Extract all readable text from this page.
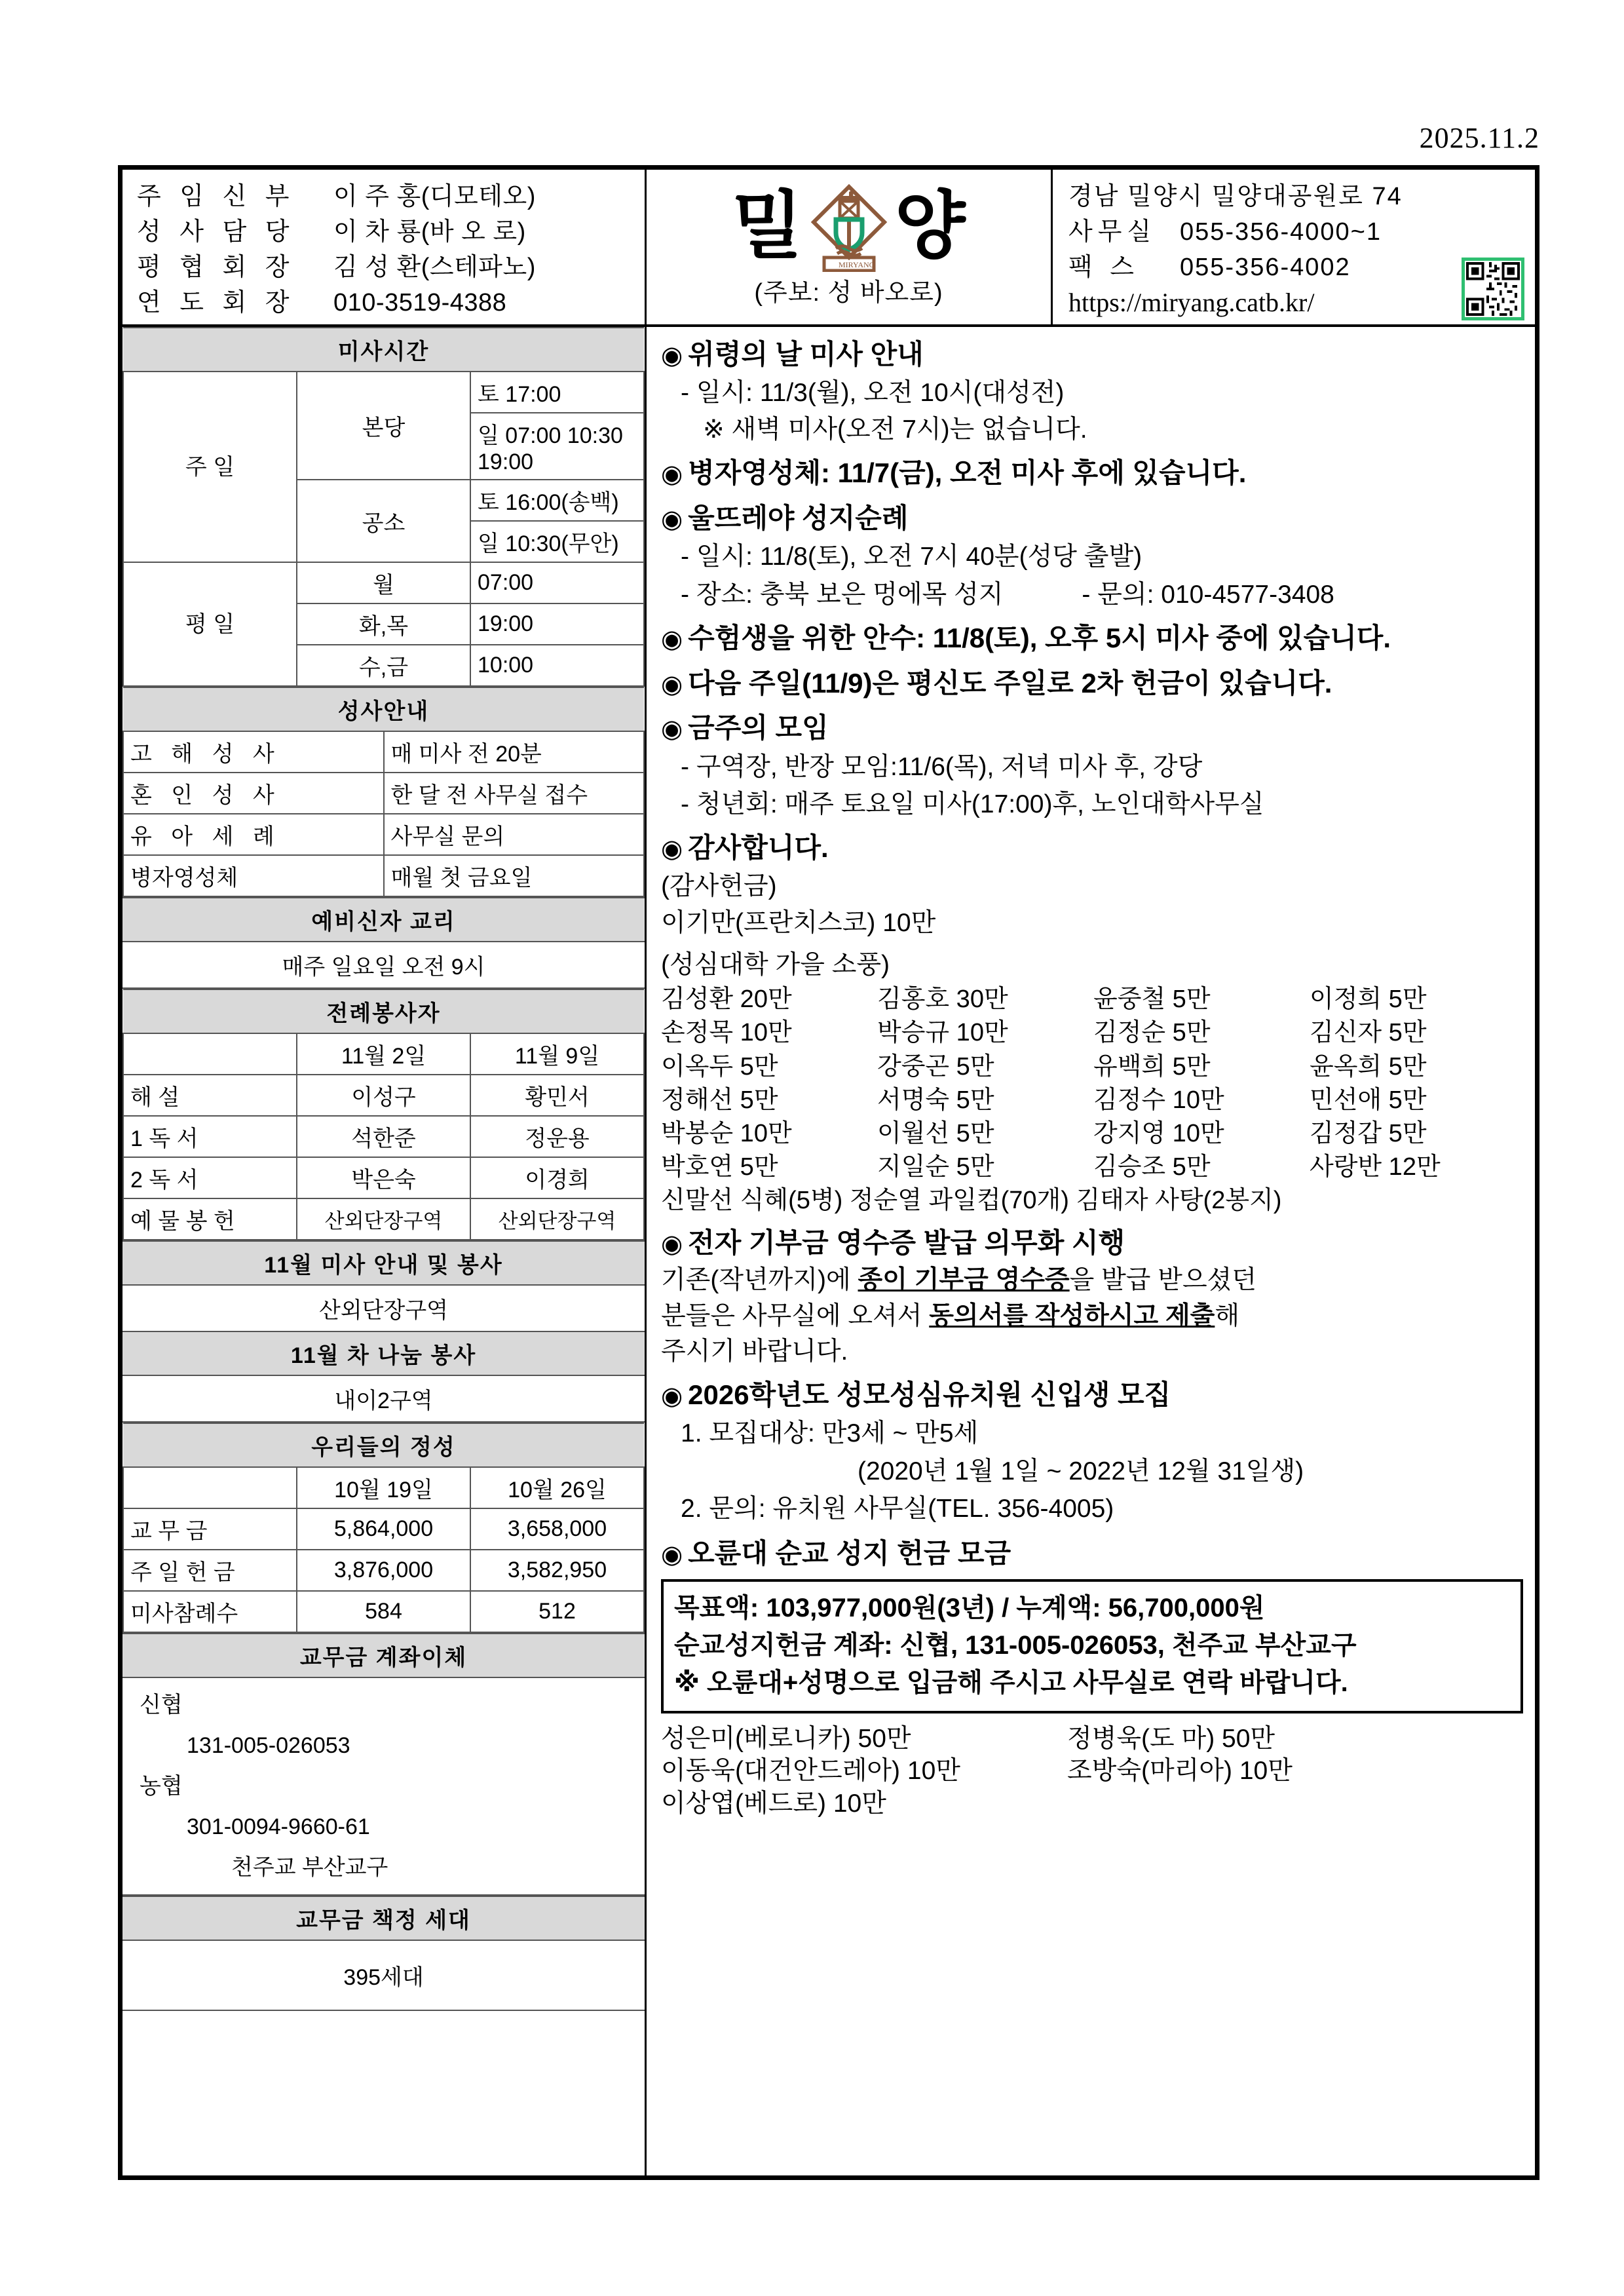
2025.11.2
주 임 신 부 이 주 홍(디모테오)
성 사 담 당 이 차 룡(바 오 로)
평 협 회 장 김 성 환(스테파노)
연 도 회 장 010-3519-4388
밀	MIRYANG 양
(주보: 성 바오로)
경남 밀양시 밀양대공원로 74
사무실 055-356-4000~1
팩 스 055-356-4002
https://miryang.catb.kr/
미사시간		
주 일	본당	토 17:00
		일 07:00 10:30 19:00
	공소	토 16:00(송백)
		일 10:30(무안)
평 일	월	07:00
	화,목	19:00
	수,금	10:00
성사안내	
고 해 성 사	매 미사 전 20분
혼 인 성 사	한 달 전 사무실 접수
유 아 세 례	사무실 문의
병자영성체	매월 첫 금요일
예비신자 교리
매주 일요일 오전 9시
전례봉사자		
	11월 2일	11월 9일
해 설	이성구	황민서
1 독 서	석한준	정운용
2 독 서	박은숙	이경희
예 물 봉 헌	산외단장구역	산외단장구역
11월 미사 안내 및 봉사
산외단장구역
11월 차 나눔 봉사
내이2구역
우리들의 정성		
	10월 19일	10월 26일
교 무 금	5,864,000	3,658,000
주 일 헌 금	3,876,000	3,582,950
미사참례수	584	512
교무금 계좌이체
신협
131-005-026053
농협
301-0094-9660-61
천주교 부산교구
교무금 책정 세대
395세대
◉ 위령의 날 미사 안내
- 일시: 11/3(월), 오전 10시(대성전)
※ 새벽 미사(오전 7시)는 없습니다.
◉ 병자영성체: 11/7(금), 오전 미사 후에 있습니다.
◉ 울뜨레야 성지순례
- 일시: 11/8(토), 오전 7시 40분(성당 출발)
- 장소: 충북 보은 멍에목 성지	- 문의: 010-4577-3408
◉ 수험생을 위한 안수: 11/8(토), 오후 5시 미사 중에 있습니다.
◉ 다음 주일(11/9)은 평신도 주일로 2차 헌금이 있습니다.
◉ 금주의 모임
- 구역장, 반장 모임:11/6(목), 저녁 미사 후, 강당
- 청년회: 매주 토요일 미사(17:00)후, 노인대학사무실
◉ 감사합니다.
(감사헌금)
이기만(프란치스코) 10만
(성심대학 가을 소풍)
김성환 20만	김홍호 30만	윤중철 5만	이정희 5만
손정목 10만	박승규 10만	김정순 5만	김신자 5만
이옥두 5만	강중곤 5만	유백희 5만	윤옥희 5만
정해선 5만	서명숙 5만	김정수 10만	민선애 5만
박봉순 10만	이월선 5만	강지영 10만	김정갑 5만
박호연 5만	지일순 5만	김승조 5만	사랑반 12만
신말선 식혜(5병) 정순열 과일컵(70개) 김태자 사탕(2봉지)
◉ 전자 기부금 영수증 발급 의무화 시행
기존(작년까지)에 종이 기부금 영수증을 발급 받으셨던
분들은 사무실에 오셔서 동의서를 작성하시고 제출해
주시기 바랍니다.
◉ 2026학년도 성모성심유치원 신입생 모집
1. 모집대상: 만3세 ~ 만5세
(2020년 1월 1일 ~ 2022년 12월 31일생)
2. 문의: 유치원 사무실(TEL. 356-4005)
◉ 오륜대 순교 성지 헌금 모금
목표액: 103,977,000원(3년) / 누계액: 56,700,000원
순교성지헌금 계좌: 신협, 131-005-026053, 천주교 부산교구
※ 오륜대+성명으로 입금해 주시고 사무실로 연락 바랍니다.
성은미(베로니카) 50만	정병욱(도 마) 50만
이동욱(대건안드레아) 10만	조방숙(마리아) 10만
이상엽(베드로) 10만
